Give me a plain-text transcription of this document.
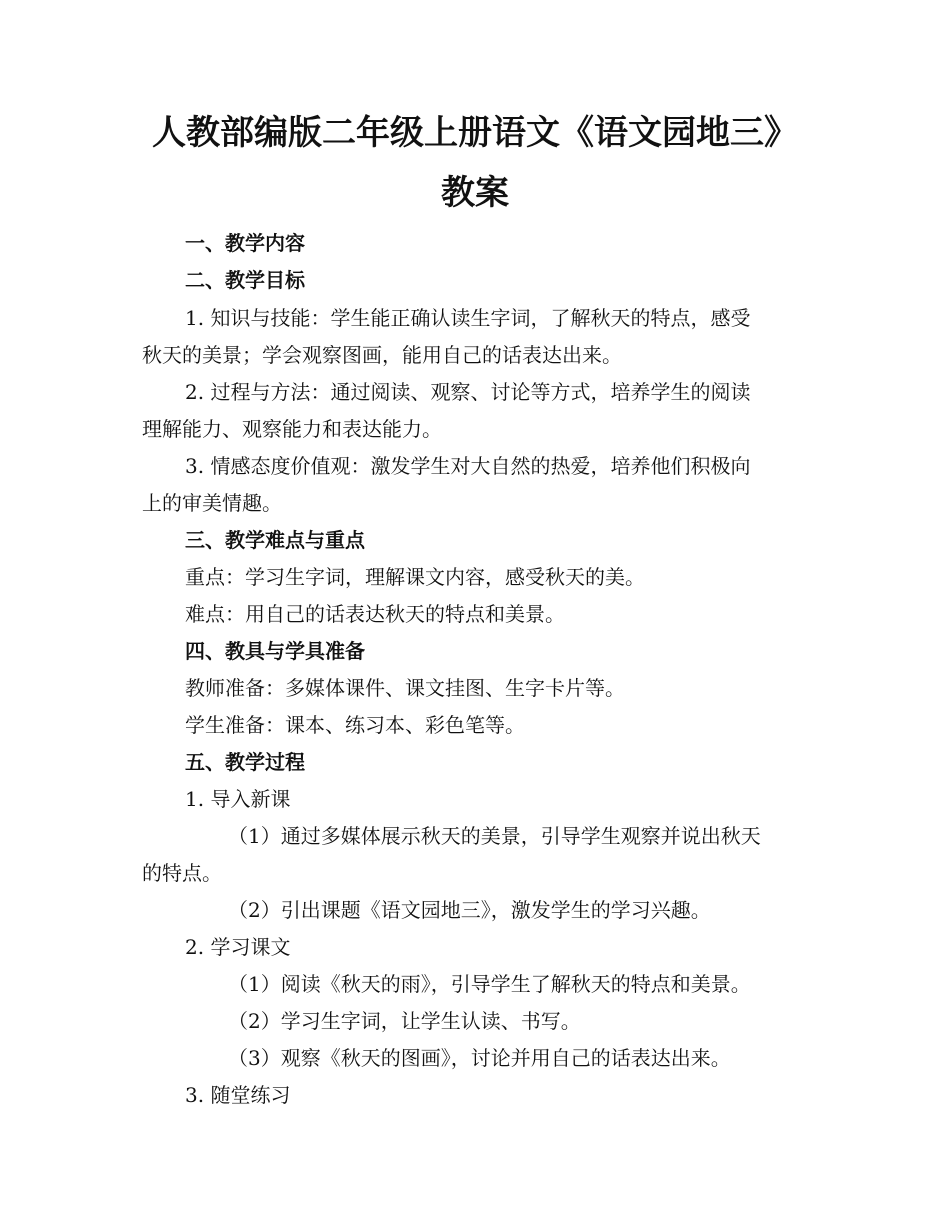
人教部编版二年级上册语文《语文园地三》
教案
一、教学内容
二、教学目标
1. 知识与技能：学生能正确认读生字词，了解秋天的特点，感受
秋天的美景；学会观察图画，能用自己的话表达出来。
2. 过程与方法：通过阅读、观察、讨论等方式，培养学生的阅读
理解能力、观察能力和表达能力。
3. 情感态度价值观：激发学生对大自然的热爱，培养他们积极向
上的审美情趣。
三、教学难点与重点
重点：学习生字词，理解课文内容，感受秋天的美。
难点：用自己的话表达秋天的特点和美景。
四、教具与学具准备
教师准备：多媒体课件、课文挂图、生字卡片等。
学生准备：课本、练习本、彩色笔等。
五、教学过程
1. 导入新课
（1）通过多媒体展示秋天的美景，引导学生观察并说出秋天
的特点。
（2）引出课题《语文园地三》，激发学生的学习兴趣。
2. 学习课文
（1）阅读《秋天的雨》，引导学生了解秋天的特点和美景。
（2）学习生字词，让学生认读、书写。
（3）观察《秋天的图画》，讨论并用自己的话表达出来。
3. 随堂练习
